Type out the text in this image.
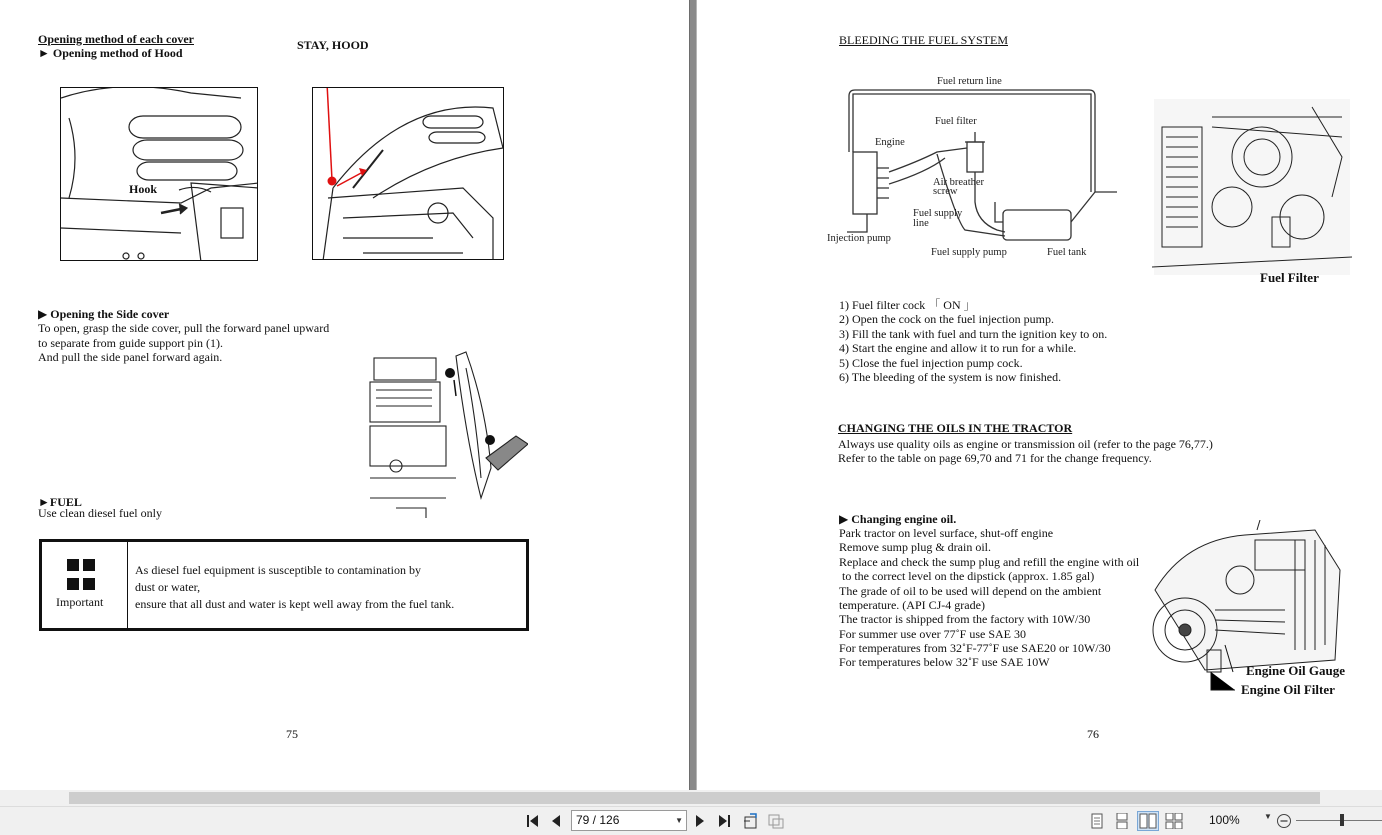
Opening method of each cover
► Opening method of Hood
STAY, HOOD
Hook
▶ Opening the Side cover
To open, grasp the side cover, pull the forward panel upward
to separate from guide support pin (1).
And pull the side panel forward again.
►FUEL
Use clean diesel fuel only
Important
As diesel fuel equipment is susceptible to contamination by
dust or water,
ensure that all dust and water is kept well away from the fuel tank.
75
BLEEDING THE FUEL SYSTEM
Fuel return line
Fuel filter
Engine
Air breather
screw
Fuel supply
line
Injection pump
Fuel supply pump	Fuel tank
Fuel Filter
1) Fuel filter cock 「 ON 」
2) Open the cock on the fuel injection pump.
3) Fill the tank with fuel and turn the ignition key to on.
4) Start the engine and allow it to run for a while.
5) Close the fuel injection pump cock.
6) The bleeding of the system is now finished.
CHANGING THE OILS IN THE TRACTOR
Always use quality oils as engine or transmission oil (refer to the page 76,77.)
Refer to the table on page 69,70 and 71 for the change frequency.
▶ Changing engine oil.
Park tractor on level surface, shut-off engine
Remove sump plug & drain oil.
Replace and check the sump plug and refill the engine with oil
to the correct level on the dipstick (approx. 1.85 gal)
The grade of oil to be used will depend on the ambient
temperature. (API CJ-4 grade)
The tractor is shipped from the factory with 10W/30
For summer use over 77˚F use SAE 30
For temperatures from 32˚F-77˚F use SAE20 or 10W/30
For temperatures below 32˚F use SAE 10W
Engine Oil Gauge
Engine Oil Filter
76
79 / 126	▼	100%	▼
